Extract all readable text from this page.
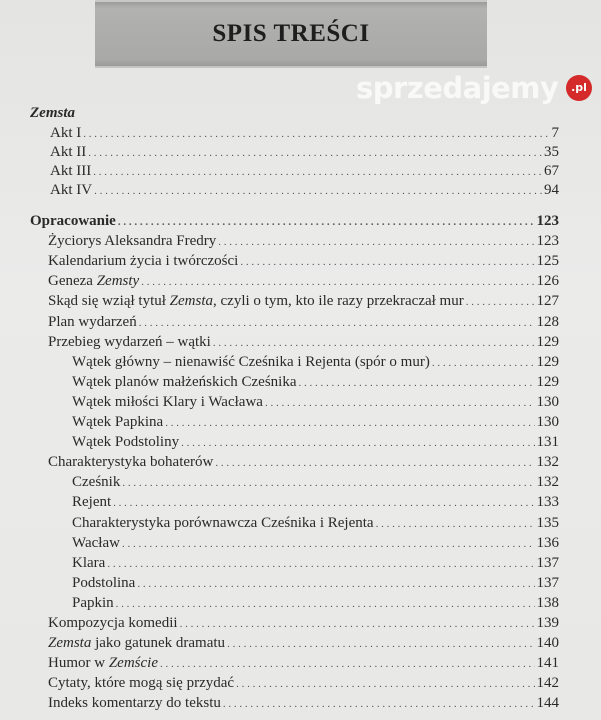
SPIS TREŚCI
Zemsta
Akt I . . .	7
Akt II . . .	35
Akt III . . .	67
Akt IV . . .	94
Opracowanie . . .	123
Życiorys Aleksandra Fredry . . .	123
Kalendarium życia i twórczości . . .	125
Geneza Zemsty . . .	126
Skąd się wziął tytuł Zemsta, czyli o tym, kto ile razy przekraczał mur . . .	127
Plan wydarzeń . . .	128
Przebieg wydarzeń – wątki . . .	129
Wątek główny – nienawiść Cześnika i Rejenta (spór o mur) . . .	129
Wątek planów małżeńskich Cześnika . . .	129
Wątek miłości Klary i Wacława . . .	130
Wątek Papkina . . .	130
Wątek Podstoliny . . .	131
Charakterystyka bohaterów . . .	132
Cześnik . . .	132
Rejent . . .	133
Charakterystyka porównawcza Cześnika i Rejenta . . .	135
Wacław . . .	136
Klara . . .	137
Podstolina . . .	137
Papkin . . .	138
Kompozycja komedii . . .	139
Zemsta jako gatunek dramatu . . .	140
Humor w Zemście . . .	141
Cytaty, które mogą się przydać . . .	142
Indeks komentarzy do tekstu . . .	144
sprzedajemy	.pl
